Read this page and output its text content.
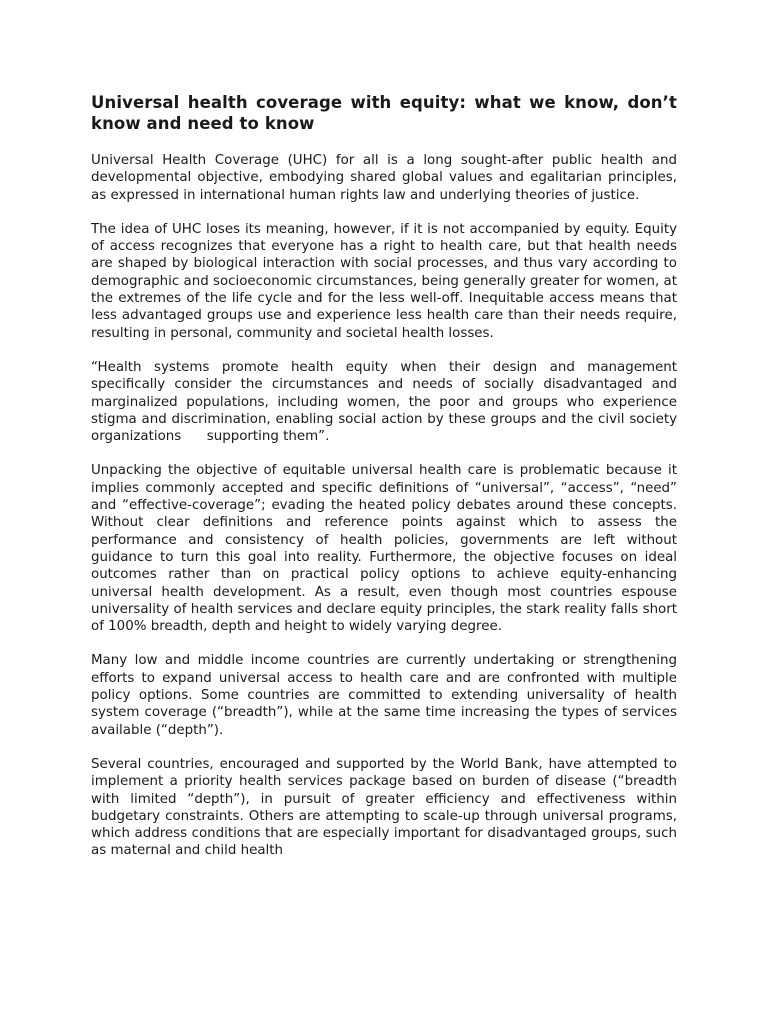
Universal health coverage with equity: what we know, don’t know and need to know

Universal Health Coverage (UHC) for all is a long sought-after public health and developmental objective, embodying shared global values and egalitarian principles, as expressed in international human rights law and underlying theories of justice.

The idea of UHC loses its meaning, however, if it is not accompanied by equity. Equity of access recognizes that everyone has a right to health care, but that health needs are shaped by biological interaction with social processes, and thus vary according to demographic and socioeconomic circumstances, being generally greater for women, at the extremes of the life cycle and for the less well-off. Inequitable access means that less advantaged groups use and experience less health care than their needs require, resulting in personal, community and societal health losses.

“Health systems promote health equity when their design and management specifically consider the circumstances and needs of socially disadvantaged and marginalized populations, including women, the poor and groups who experience stigma and discrimination, enabling social action by these groups and the civil society organizations      supporting them”.

Unpacking the objective of equitable universal health care is problematic because it implies commonly accepted and specific definitions of “universal”, “access”, “need” and “effective-coverage”; evading the heated policy debates around these concepts. Without clear definitions and reference points against which to assess the performance and consistency of health policies, governments are left without guidance to turn this goal into reality. Furthermore, the objective focuses on ideal outcomes rather than on practical policy options to achieve equity-enhancing universal health development. As a result, even though most countries espouse universality of health services and declare equity principles, the stark reality falls short of 100% breadth, depth and height to widely varying degree.

Many low and middle income countries are currently undertaking or strengthening efforts to expand universal access to health care and are confronted with multiple policy options. Some countries are committed to extending universality of health system coverage (“breadth”), while at the same time increasing the types of services available (“depth”).

Several countries, encouraged and supported by the World Bank, have attempted to implement a priority health services package based on burden of disease (“breadth with limited “depth”), in pursuit of greater efficiency and effectiveness within budgetary constraints. Others are attempting to scale-up through universal programs, which address conditions that are especially important for disadvantaged groups, such as maternal and child health
